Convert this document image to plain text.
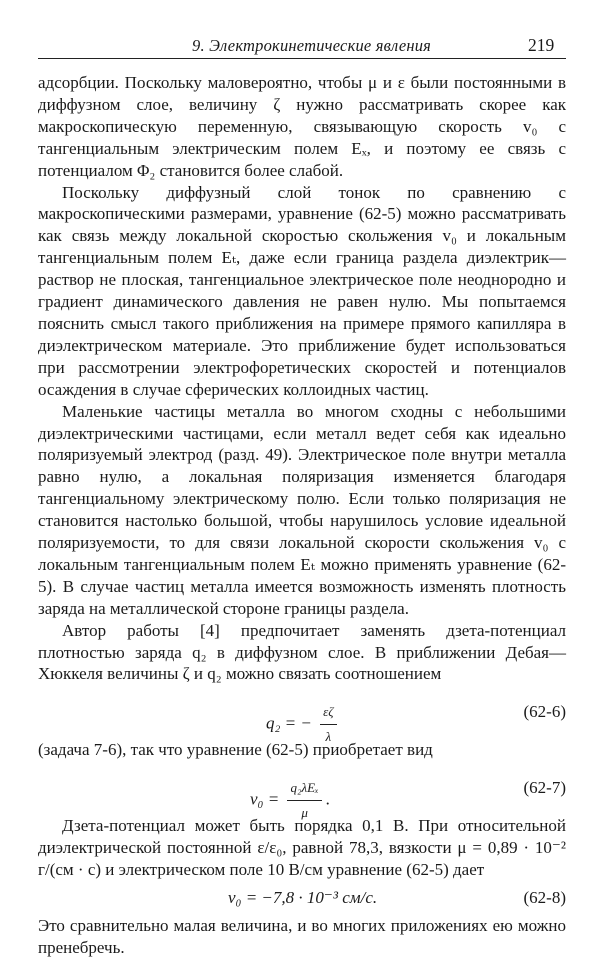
9. Электрокинетические явления	219

адсорбции. Поскольку маловероятно, чтобы μ и ε были постоянными в диффузном слое, величину ζ нужно рассматривать скорее как макроскопическую переменную, связывающую скорость v₀ с тангенциальным электрическим полем Eₓ, и поэтому ее связь с потенциалом Φ₂ становится более слабой.

Поскольку диффузный слой тонок по сравнению с макроскопическими размерами, уравнение (62-5) можно рассматривать как связь между локальной скоростью скольжения v₀ и локальным тангенциальным полем Eₜ, даже если граница раздела диэлектрик—раствор не плоская, тангенциальное электрическое поле неоднородно и градиент динамического давления не равен нулю. Мы попытаемся пояснить смысл такого приближения на примере прямого капилляра в диэлектрическом материале. Это приближение будет использоваться при рассмотрении электрофоретических скоростей и потенциалов осаждения в случае сферических коллоидных частиц.

Маленькие частицы металла во многом сходны с небольшими диэлектрическими частицами, если металл ведет себя как идеально поляризуемый электрод (разд. 49). Электрическое поле внутри металла равно нулю, а локальная поляризация изменяется благодаря тангенциальному электрическому полю. Если только поляризация не становится настолько большой, чтобы нарушилось условие идеальной поляризуемости, то для связи локальной скорости скольжения v₀ с локальным тангенциальным полем Eₜ можно применять уравнение (62-5). В случае частиц металла имеется возможность изменять плотность заряда на металлической стороне границы раздела.

Автор работы [4] предпочитает заменять дзета-потенциал плотностью заряда q₂ в диффузном слое. В приближении Дебая—Хюккеля величины ζ и q₂ можно связать соотношением

q₂ = − $\frac{\varepsilon\zeta}{\lambda}$	(62-6)

(задача 7-6), так что уравнение (62-5) приобретает вид

$v_0 = \frac{\text{q₂λEₓ}}{\mu}$ .
(62-7)

Дзета-потенциал может быть порядка 0,1 В. При относительной диэлектрической постоянной ε/ε₀, равной 78,3, вязкости μ = 0,89 · 10⁻² г/(см · с) и электрическом поле 10 В/см уравнение (62-5) дает

v₀ = −7,8 · 10⁻³ см/с.	(62-8)

Это сравнительно малая величина, и во многих приложениях ею можно пренебречь.
